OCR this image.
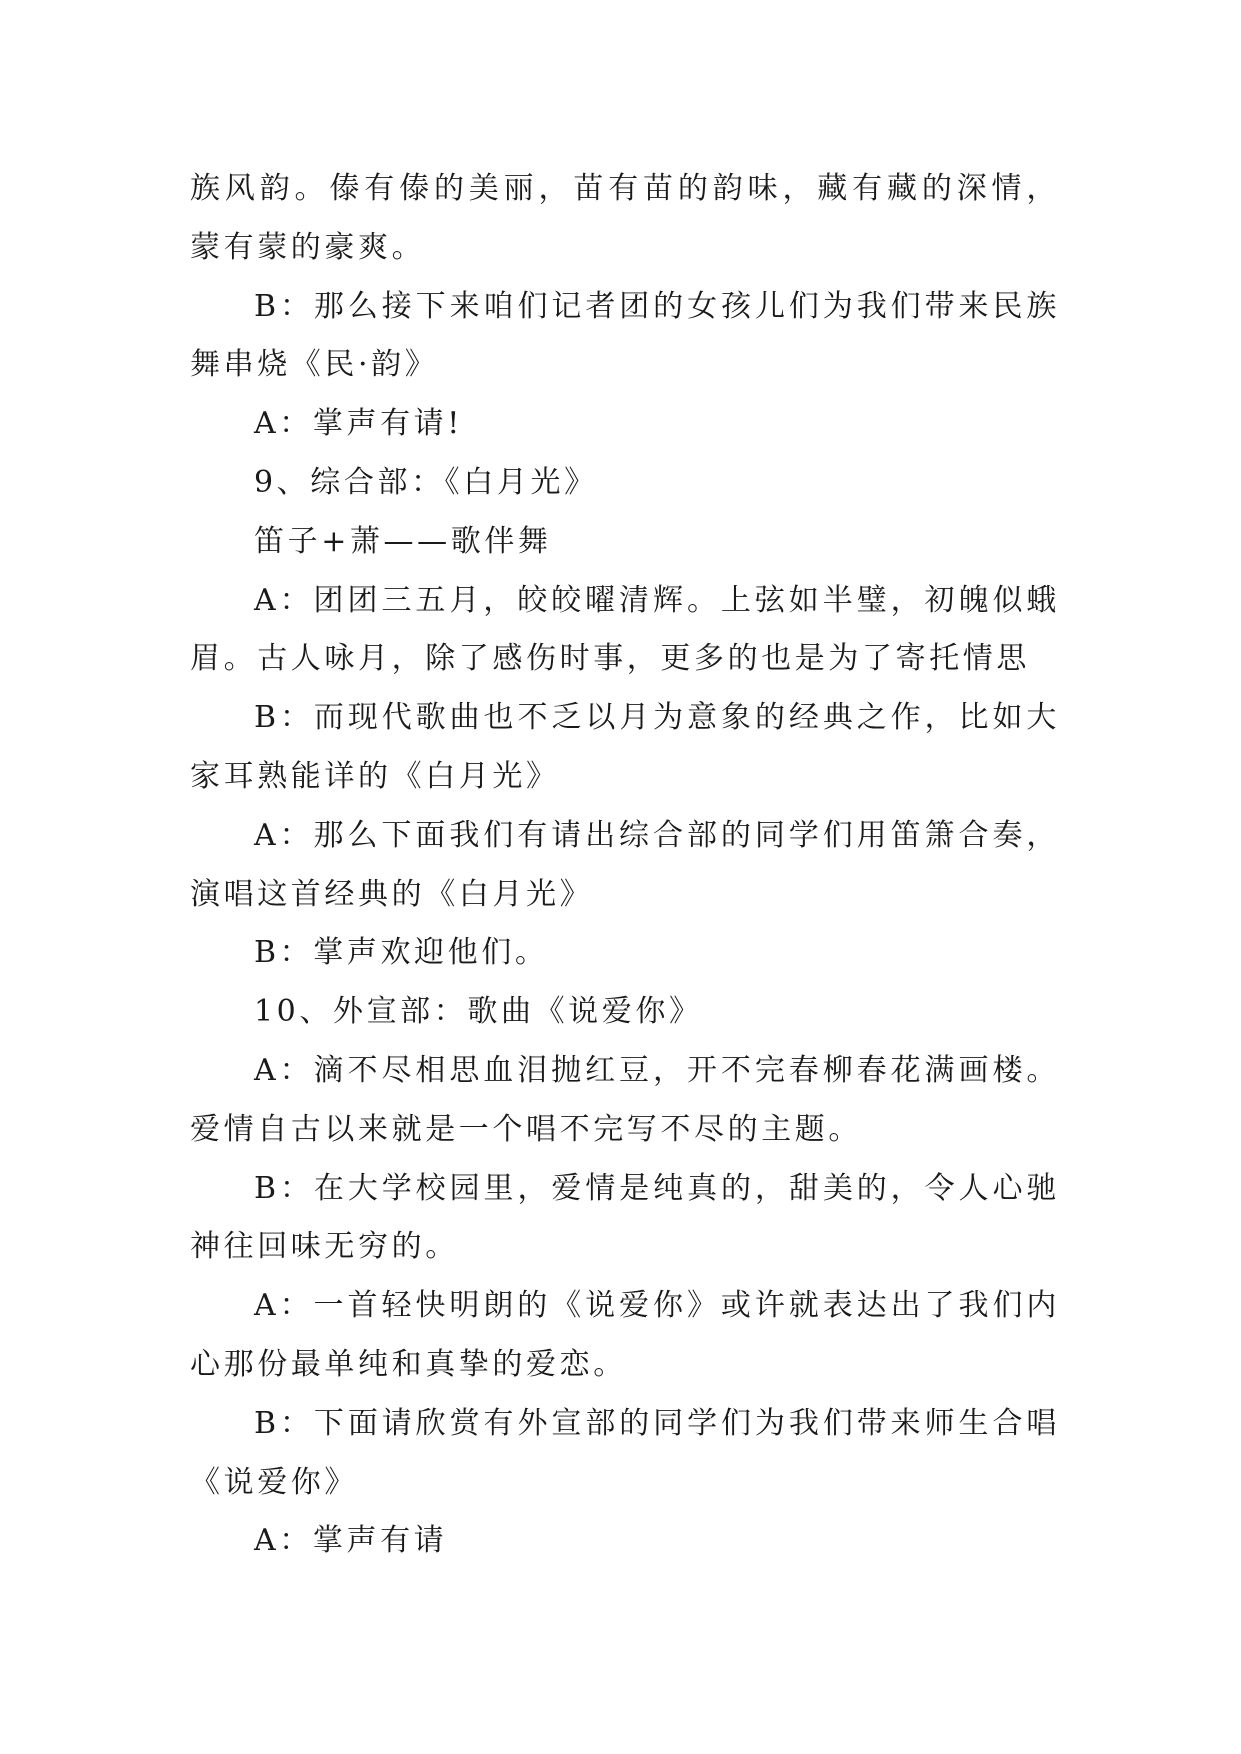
族风韵。傣有傣的美丽，苗有苗的韵味，藏有藏的深情，蒙有蒙的豪爽。

B：那么接下来咱们记者团的女孩儿们为我们带来民族舞串烧《民·韵》

A：掌声有请!

9、综合部：《白月光》

笛子+萧——歌伴舞

A：团团三五月，皎皎曜清辉。上弦如半璧，初魄似蛾眉。古人咏月，除了感伤时事，更多的也是为了寄托情思

B：而现代歌曲也不乏以月为意象的经典之作，比如大家耳熟能详的《白月光》

A：那么下面我们有请出综合部的同学们用笛箫合奏，演唱这首经典的《白月光》

B：掌声欢迎他们。

10、外宣部：歌曲《说爱你》

A：滴不尽相思血泪抛红豆，开不完春柳春花满画楼。爱情自古以来就是一个唱不完写不尽的主题。

B：在大学校园里，爱情是纯真的，甜美的，令人心驰神往回味无穷的。

A：一首轻快明朗的《说爱你》或许就表达出了我们内心那份最单纯和真挚的爱恋。

B：下面请欣赏有外宣部的同学们为我们带来师生合唱《说爱你》

A：掌声有请
